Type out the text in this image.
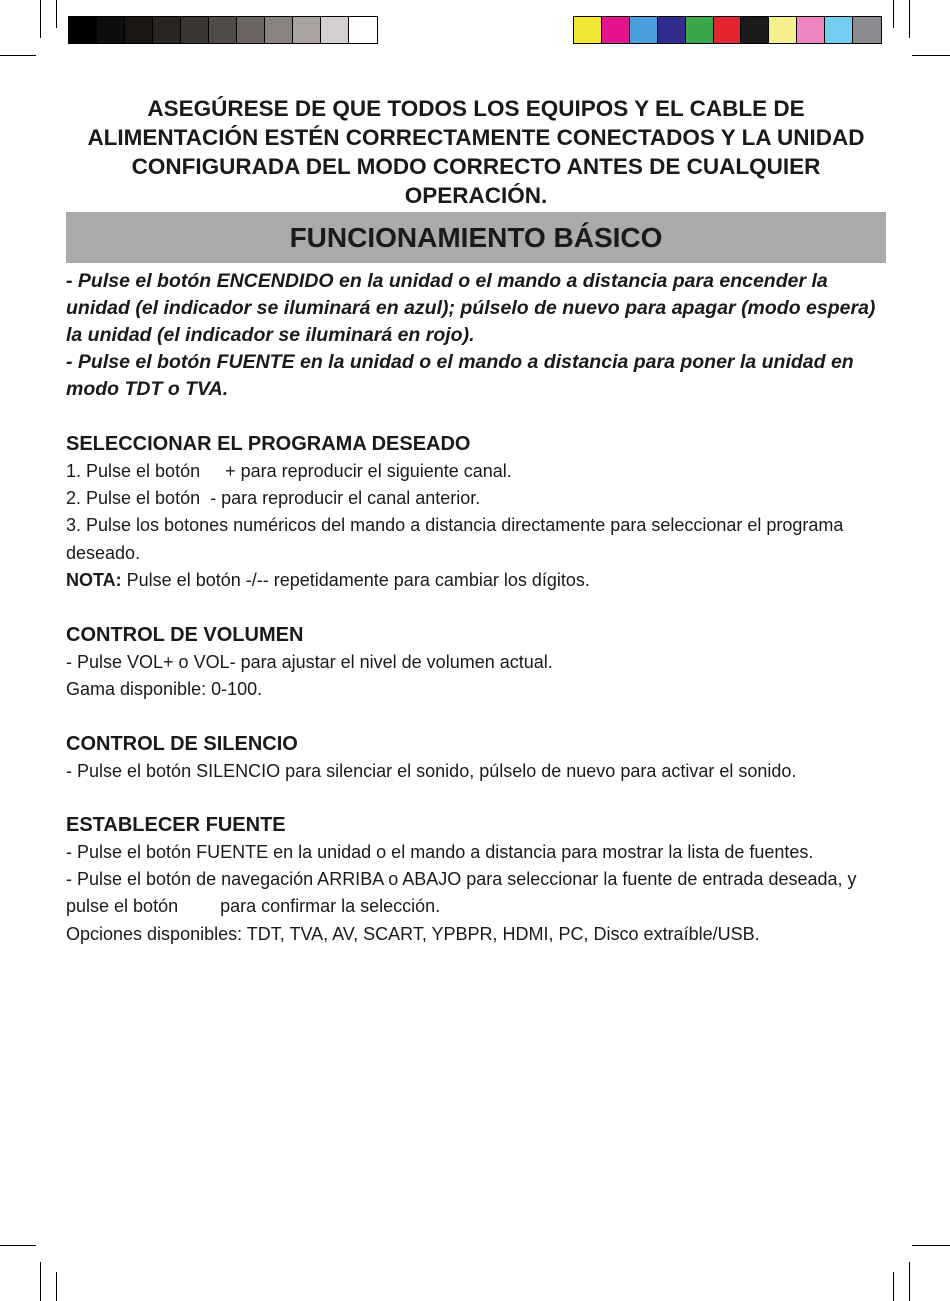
ASEGÚRESE DE QUE TODOS LOS EQUIPOS Y EL CABLE DE ALIMENTACIÓN ESTÉN CORRECTAMENTE CONECTADOS Y LA UNIDAD CONFIGURADA DEL MODO CORRECTO ANTES DE CUALQUIER OPERACIÓN.
FUNCIONAMIENTO BÁSICO

- Pulse el botón ENCENDIDO en la unidad o el mando a distancia para encender la unidad (el indicador se iluminará en azul); púlselo de nuevo para apagar (modo espera) la unidad (el indicador se iluminará en rojo).

- Pulse el botón FUENTE en la unidad o el mando a distancia para poner la unidad en modo TDT o TVA.

SELECCIONAR EL PROGRAMA DESEADO

1. Pulse el botón + para reproducir el siguiente canal.

2. Pulse el botón - para reproducir el canal anterior.

3. Pulse los botones numéricos del mando a distancia directamente para seleccionar el programa deseado.

NOTA: Pulse el botón -/-- repetidamente para cambiar los dígitos.

CONTROL DE VOLUMEN

- Pulse VOL+ o VOL- para ajustar el nivel de volumen actual.

Gama disponible: 0-100.

CONTROL DE SILENCIO

- Pulse el botón SILENCIO para silenciar el sonido, púlselo de nuevo para activar el sonido.

ESTABLECER FUENTE

- Pulse el botón FUENTE en la unidad o el mando a distancia para mostrar la lista de fuentes.

- Pulse el botón de navegación ARRIBA o ABAJO para seleccionar la fuente de entrada deseada, y pulse el botón para confirmar la selección.

Opciones disponibles: TDT, TVA, AV, SCART, YPBPR, HDMI, PC, Disco extraíble/USB.
